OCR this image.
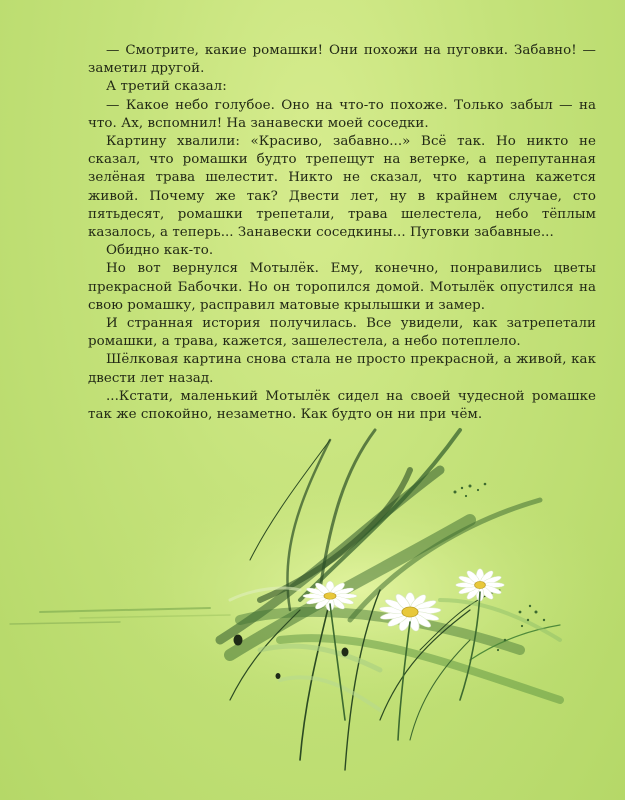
— Смотрите, какие ромашки! Они похожи на пуговки. Забавно! — заметил другой.

А третий сказал:

— Какое небо голубое. Оно на что-то похоже. Только забыл — на что. Ах, вспомнил! На занавески моей соседки.

Картину хвалили: «Красиво, забавно...» Всё так. Но никто не сказал, что ромашки будто трепещут на ветерке, а перепутанная зелёная трава шелестит. Никто не сказал, что картина кажется живой. Почему же так? Двести лет, ну в крайнем случае, сто пятьдесят, ромашки трепетали, трава шелестела, небо тёплым казалось, а теперь... Занавески соседкины... Пуговки забавные...

Обидно как-то.

Но вот вернулся Мотылёк. Ему, конечно, понравились цветы прекрасной Бабочки. Но он торопился домой. Мотылёк опустился на свою ромашку, расправил матовые крылышки и замер.

И странная история получилась. Все увидели, как затрепетали ромашки, а трава, кажется, зашелестела, а небо потеплело.

Шёлковая картина снова стала не просто прекрасной, а живой, как двести лет назад.

...Кстати, маленький Мотылёк сидел на своей чудесной ромашке так же спокойно, незаметно. Как будто он ни при чём.
